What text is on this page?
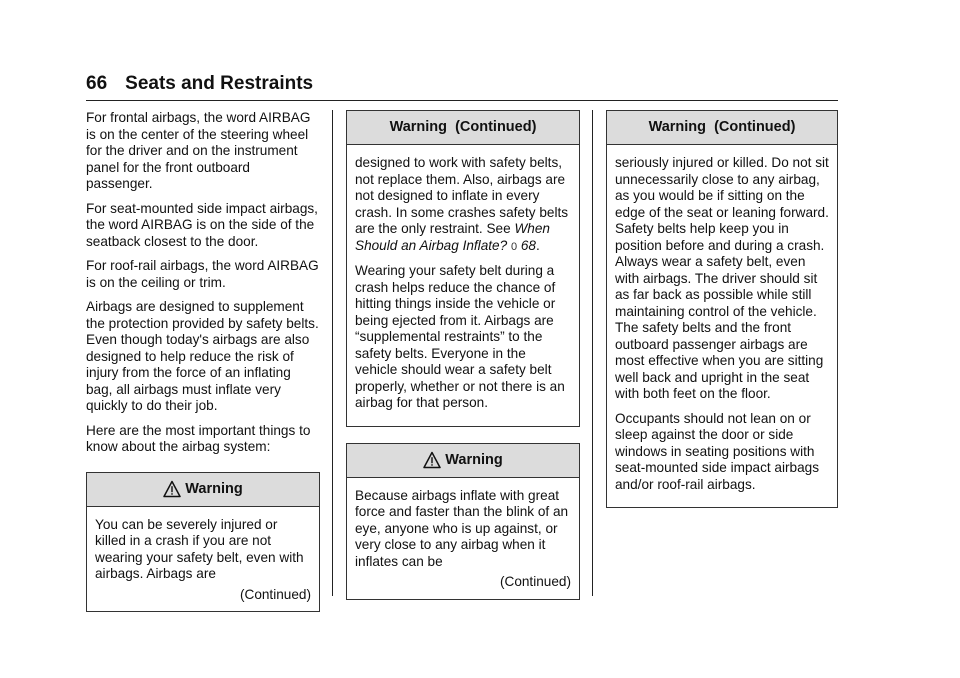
66 Seats and Restraints

For frontal airbags, the word AIRBAG is on the center of the steering wheel for the driver and on the instrument panel for the front outboard passenger.

For seat-mounted side impact airbags, the word AIRBAG is on the side of the seatback closest to the door.

For roof-rail airbags, the word AIRBAG is on the ceiling or trim.

Airbags are designed to supplement the protection provided by safety belts. Even though today's airbags are also designed to help reduce the risk of injury from the force of an inflating bag, all airbags must inflate very quickly to do their job.

Here are the most important things to know about the airbag system:

Warning

You can be severely injured or killed in a crash if you are not wearing your safety belt, even with airbags. Airbags are

(Continued)
Warning  (Continued)

designed to work with safety belts, not replace them. Also, airbags are not designed to inflate in every crash. In some crashes safety belts are the only restraint. See When Should an Airbag Inflate? 0 68.

Wearing your safety belt during a crash helps reduce the chance of hitting things inside the vehicle or being ejected from it. Airbags are “supplemental restraints” to the safety belts. Everyone in the vehicle should wear a safety belt properly, whether or not there is an airbag for that person.

Warning

Because airbags inflate with great force and faster than the blink of an eye, anyone who is up against, or very close to any airbag when it inflates can be

(Continued)
Warning  (Continued)

seriously injured or killed. Do not sit unnecessarily close to any airbag, as you would be if sitting on the edge of the seat or leaning forward. Safety belts help keep you in position before and during a crash. Always wear a safety belt, even with airbags. The driver should sit as far back as possible while still maintaining control of the vehicle. The safety belts and the front outboard passenger airbags are most effective when you are sitting well back and upright in the seat with both feet on the floor.

Occupants should not lean on or sleep against the door or side windows in seating positions with seat-mounted side impact airbags and/or roof-rail airbags.
